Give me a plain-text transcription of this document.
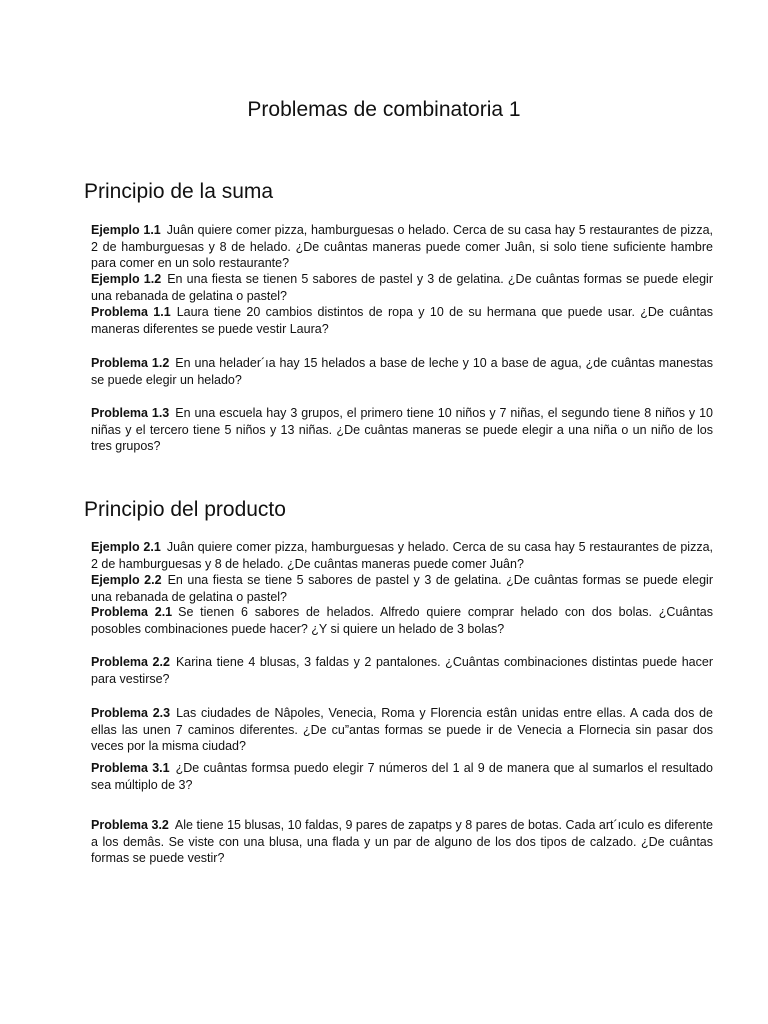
Problemas de combinatoria 1
Principio de la suma
Ejemplo 1.1 Juân quiere comer pizza, hamburguesas o helado. Cerca de su casa hay 5 restaurantes de pizza, 2 de hamburguesas y 8 de helado. ¿De cuântas maneras puede comer Juân, si solo tiene suficiente hambre para comer en un solo restaurante?
Ejemplo 1.2 En una fiesta se tienen 5 sabores de pastel y 3 de gelatina. ¿De cuântas formas se puede elegir una rebanada de gelatina o pastel?
Problema 1.1 Laura tiene 20 cambios distintos de ropa y 10 de su hermana que puede usar. ¿De cuântas maneras diferentes se puede vestir Laura?
Problema 1.2 En una helader´ıa hay 15 helados a base de leche y 10 a base de agua, ¿de cuântas manestas se puede elegir un helado?
Problema 1.3 En una escuela hay 3 grupos, el primero tiene 10 niños y 7 niñas, el segundo tiene 8 niños y 10 niñas y el tercero tiene 5 niños y 13 niñas. ¿De cuântas maneras se puede elegir a una niña o un niño de los tres grupos?
Principio del producto
Ejemplo 2.1 Juân quiere comer pizza, hamburguesas y helado. Cerca de su casa hay 5 restaurantes de pizza, 2 de hamburguesas y 8 de helado. ¿De cuântas maneras puede comer Juân?
Ejemplo 2.2 En una fiesta se tiene 5 sabores de pastel y 3 de gelatina. ¿De cuântas formas se puede elegir una rebanada de gelatina o pastel?
Problema 2.1 Se tienen 6 sabores de helados. Alfredo quiere comprar helado con dos bolas. ¿Cuântas posobles combinaciones puede hacer? ¿Y si quiere un helado de 3 bolas?
Problema 2.2 Karina tiene 4 blusas, 3 faldas y 2 pantalones. ¿Cuântas combinaciones distintas puede hacer para vestirse?
Problema 2.3 Las ciudades de Nâpoles, Venecia, Roma y Florencia estân unidas entre ellas. A cada dos de ellas las unen 7 caminos diferentes. ¿De cu”antas formas se puede ir de Venecia a Flornecia sin pasar dos veces por la misma ciudad?
Problema 3.1 ¿De cuântas formsa puedo elegir 7 números del 1 al 9 de manera que al sumarlos el resultado sea múltiplo de 3?
Problema 3.2 Ale tiene 15 blusas, 10 faldas, 9 pares de zapatps y 8 pares de botas. Cada art´ıculo es diferente a los demâs. Se viste con una blusa, una flada y un par de alguno de los dos tipos de calzado. ¿De cuântas formas se puede vestir?
